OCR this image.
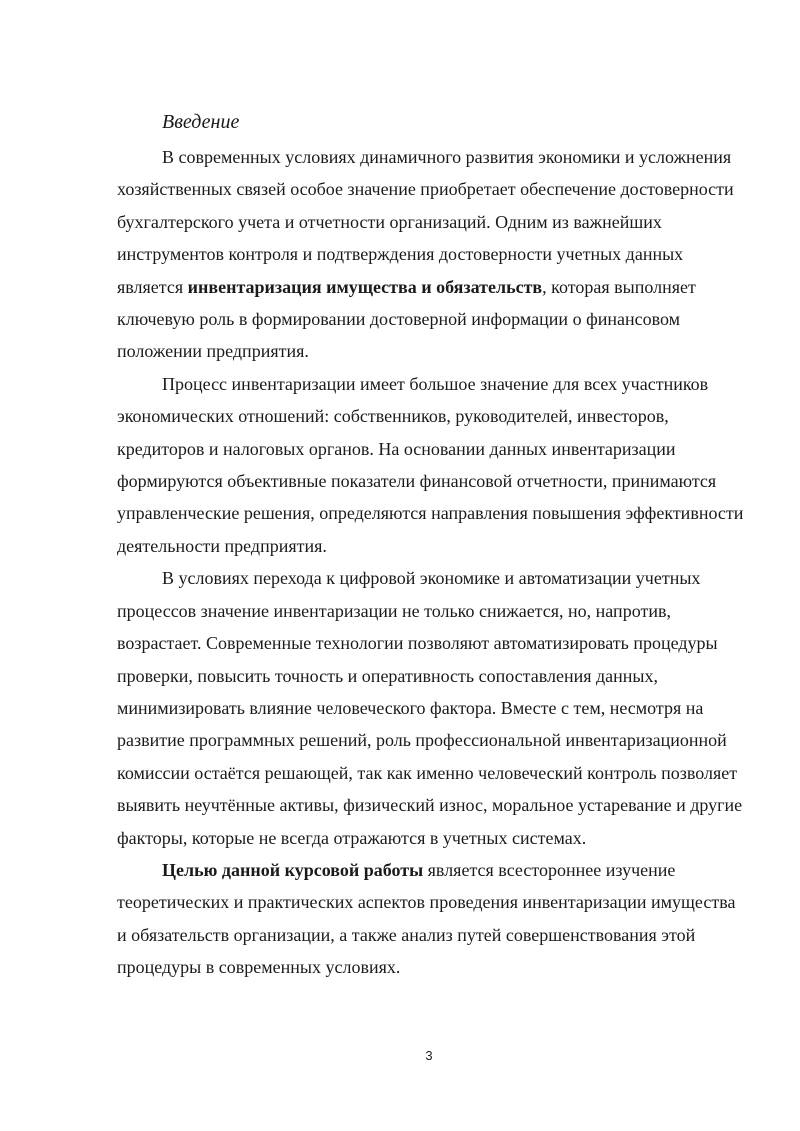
Введение

В современных условиях динамичного развития экономики и усложнения хозяйственных связей особое значение приобретает обеспечение достоверности бухгалтерского учета и отчетности организаций. Одним из важнейших инструментов контроля и подтверждения достоверности учетных данных является инвентаризация имущества и обязательств, которая выполняет ключевую роль в формировании достоверной информации о финансовом положении предприятия.

Процесс инвентаризации имеет большое значение для всех участников экономических отношений: собственников, руководителей, инвесторов, кредиторов и налоговых органов. На основании данных инвентаризации формируются объективные показатели финансовой отчетности, принимаются управленческие решения, определяются направления повышения эффективности деятельности предприятия.

В условиях перехода к цифровой экономике и автоматизации учетных процессов значение инвентаризации не только снижается, но, напротив, возрастает. Современные технологии позволяют автоматизировать процедуры проверки, повысить точность и оперативность сопоставления данных, минимизировать влияние человеческого фактора. Вместе с тем, несмотря на развитие программных решений, роль профессиональной инвентаризационной комиссии остаётся решающей, так как именно человеческий контроль позволяет выявить неучтённые активы, физический износ, моральное устаревание и другие факторы, которые не всегда отражаются в учетных системах.

Целью данной курсовой работы является всестороннее изучение теоретических и практических аспектов проведения инвентаризации имущества и обязательств организации, а также анализ путей совершенствования этой процедуры в современных условиях.

3
